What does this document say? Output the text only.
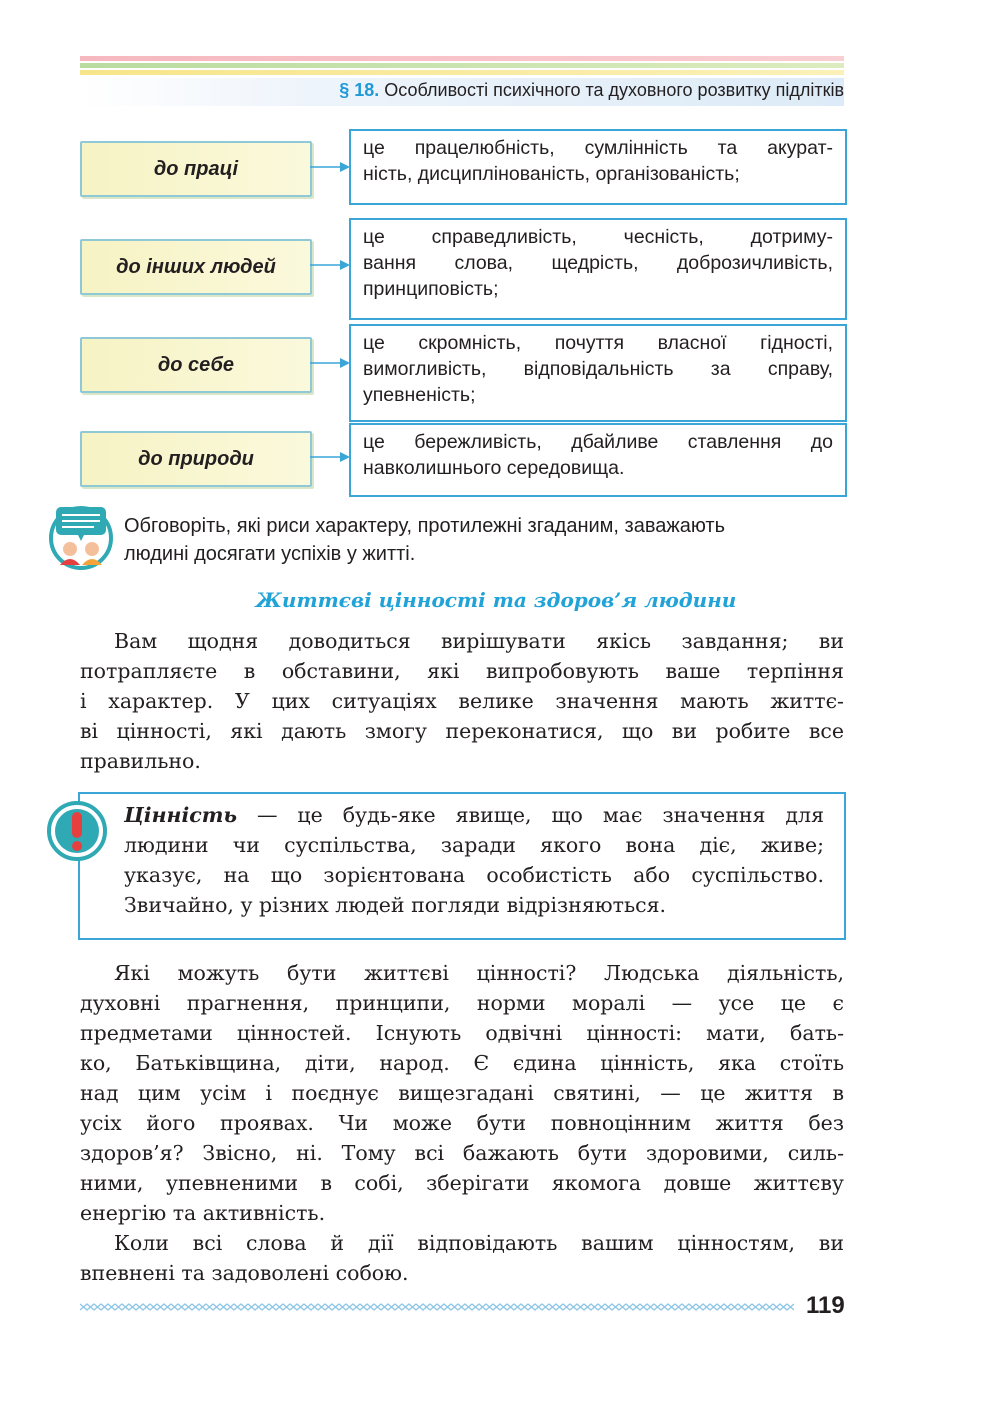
§ 18. Особливості психічного та духовного розвитку підлітків
до праці
це працелюбність, сумлінність та акурат-
ність, дисциплінованість, організованість;
до інших людей
це справедливість, чесність, дотриму-
вання слова, щедрість, доброзичливість,
принциповість;
до себе
це скромність, почуття власної гідності,
вимогливість, відповідальність за справу,
упевненість;
до природи
це бережливість, дбайливе ставлення до
навколишнього середовища.
Обговоріть, які риси характеру, протилежні згаданим, заважають
людині досягати успіхів у житті.
Життєві цінності та здоров’я людини
Вам щодня доводиться вирішувати якісь завдання; ви
потрапляєте в обставини, які випробовують ваше терпіння
і характер. У цих ситуаціях велике значення мають життє-
ві цінності, які дають змогу переконатися, що ви робите все
правильно.
Цінність — це будь-яке явище, що має значення для
людини чи суспільства, заради якого вона діє, живе;
указує, на що зорієнтована особистість або суспільство.
Звичайно, у різних людей погляди відрізняються.
Які можуть бути життєві цінності? Людська діяльність,
духовні прагнення, принципи, норми моралі — усе це є
предметами цінностей. Існують одвічні цінності: мати, бать-
ко, Батьківщина, діти, народ. Є єдина цінність, яка стоїть
над цим усім і поєднує вищезгадані святині, — це життя в
усіх його проявах. Чи може бути повноцінним життя без
здоров’я? Звісно, ні. Тому всі бажають бути здоровими, силь-
ними, упевненими в собі, зберігати якомога довше життєву
енергію та активність.
Коли всі слова й дії відповідають вашим цінностям, ви
впевнені та задоволені собою.
119
